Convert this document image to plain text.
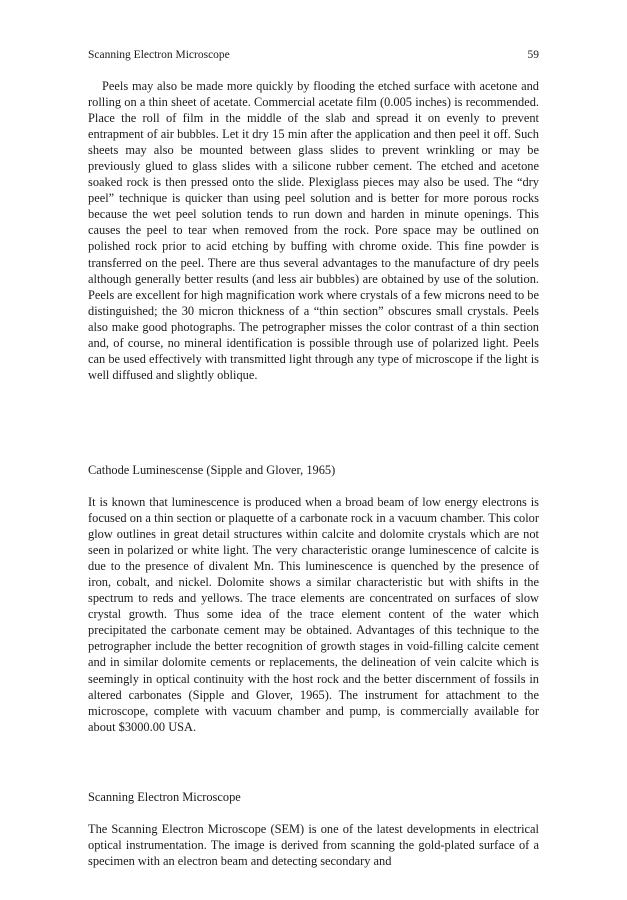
Scanning Electron Microscope	59

Peels may also be made more quickly by flooding the etched surface with acetone and rolling on a thin sheet of acetate. Commercial acetate film (0.005 inches) is recommended. Place the roll of film in the middle of the slab and spread it on evenly to prevent entrapment of air bubbles. Let it dry 15 min after the application and then peel it off. Such sheets may also be mounted between glass slides to prevent wrinkling or may be previously glued to glass slides with a silicone rubber cement. The etched and acetone soaked rock is then pressed onto the slide. Plexiglass pieces may also be used. The “dry peel” technique is quicker than using peel solution and is better for more porous rocks because the wet peel solution tends to run down and harden in minute openings. This causes the peel to tear when removed from the rock. Pore space may be outlined on polished rock prior to acid etching by buffing with chrome oxide. This fine powder is transferred on the peel. There are thus several advantages to the manufacture of dry peels although generally better results (and less air bubbles) are obtained by use of the solution. Peels are excellent for high magnification work where crystals of a few microns need to be distinguished; the 30 micron thickness of a “thin section” obscures small crystals. Peels also make good photographs. The petrographer misses the color contrast of a thin section and, of course, no mineral identification is possible through use of polarized light. Peels can be used effectively with transmitted light through any type of microscope if the light is well diffused and slightly oblique.

Cathode Luminescense (Sipple and Glover, 1965)

It is known that luminescence is produced when a broad beam of low energy electrons is focused on a thin section or plaquette of a carbonate rock in a vacuum chamber. This color glow outlines in great detail structures within calcite and dolomite crystals which are not seen in polarized or white light. The very characteristic orange luminescence of calcite is due to the presence of divalent Mn. This luminescence is quenched by the presence of iron, cobalt, and nickel. Dolomite shows a similar characteristic but with shifts in the spectrum to reds and yellows. The trace elements are concentrated on surfaces of slow crystal growth. Thus some idea of the trace element content of the water which precipitated the carbonate cement may be obtained. Advantages of this technique to the petrographer include the better recognition of growth stages in void-filling calcite cement and in similar dolomite cements or replacements, the delineation of vein calcite which is seemingly in optical continuity with the host rock and the better discernment of fossils in altered carbonates (Sipple and Glover, 1965). The instrument for attachment to the microscope, complete with vacuum chamber and pump, is commercially available for about $3000.00 USA.

Scanning Electron Microscope

The Scanning Electron Microscope (SEM) is one of the latest developments in electrical optical instrumentation. The image is derived from scanning the gold-plated surface of a specimen with an electron beam and detecting secondary and
